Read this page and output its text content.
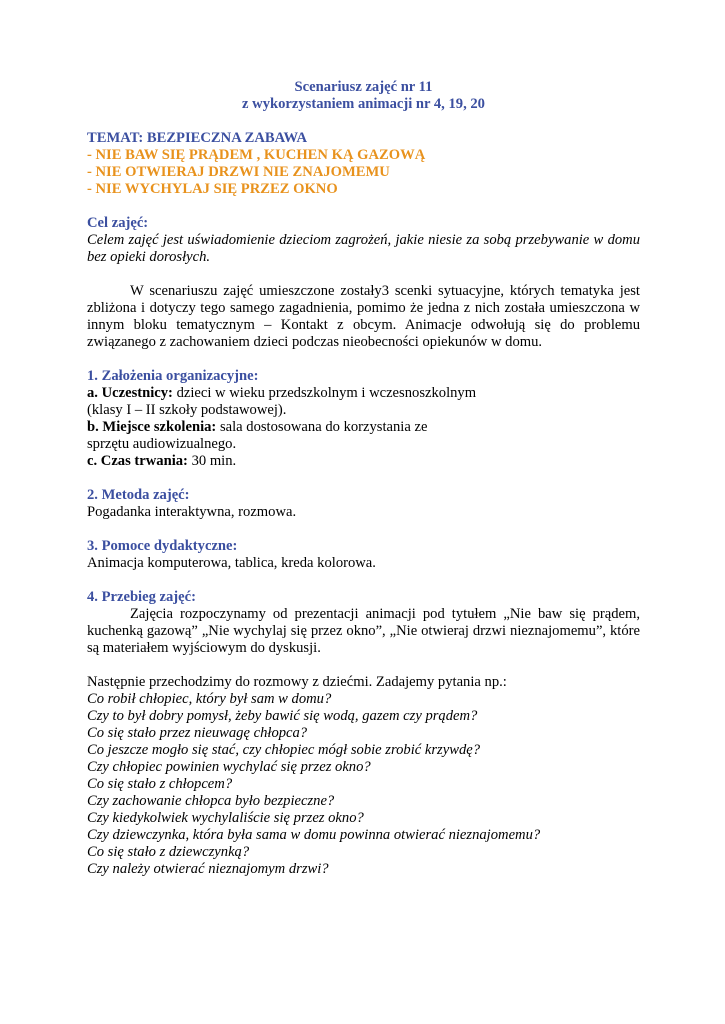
Scenariusz zajęć nr 11

z wykorzystaniem animacji nr 4, 19, 20

TEMAT: BEZPIECZNA ZABAWA

- NIE BAW SIĘ PRĄDEM , KUCHEN KĄ GAZOWĄ

- NIE OTWIERAJ DRZWI NIE ZNAJOMEMU

- NIE WYCHYLAJ SIĘ PRZEZ OKNO

Cel zajęć:

Celem zajęć jest uświadomienie dzieciom zagrożeń, jakie niesie za sobą przebywanie w domu bez opieki dorosłych.

W scenariuszu zajęć umieszczone zostały3 scenki sytuacyjne, których tematyka jest zbliżona i dotyczy tego samego zagadnienia, pomimo że jedna z nich została umieszczona w innym bloku tematycznym – Kontakt z obcym. Animacje odwołują się do problemu związanego z zachowaniem dzieci podczas nieobecności opiekunów w domu.

1. Założenia organizacyjne:

a. Uczestnicy: dzieci w wieku przedszkolnym i wczesnoszkolnym

(klasy I – II szkoły podstawowej).

b. Miejsce szkolenia: sala dostosowana do korzystania ze

sprzętu audiowizualnego.

c. Czas trwania: 30 min.

2. Metoda zajęć:

Pogadanka interaktywna, rozmowa.

3. Pomoce dydaktyczne:

Animacja komputerowa, tablica, kreda kolorowa.

4. Przebieg zajęć:

Zajęcia rozpoczynamy od prezentacji animacji pod tytułem „Nie baw się prądem, kuchenką gazową” „Nie wychylaj się przez okno”, „Nie otwieraj drzwi nieznajomemu”, które są materiałem wyjściowym do dyskusji.

Następnie przechodzimy do rozmowy z dziećmi. Zadajemy pytania np.:

Co robił chłopiec, który był sam w domu?

Czy to był dobry pomysł, żeby bawić się wodą, gazem czy prądem?

Co się stało przez nieuwagę chłopca?

Co jeszcze mogło się stać, czy chłopiec mógł sobie zrobić krzywdę?

Czy chłopiec powinien wychylać się przez okno?

Co się stało z chłopcem?

Czy zachowanie chłopca było bezpieczne?

Czy kiedykolwiek wychylaliście się przez okno?

Czy dziewczynka, która była sama w domu powinna otwierać nieznajomemu?

Co się stało z dziewczynką?

Czy należy otwierać nieznajomym drzwi?
